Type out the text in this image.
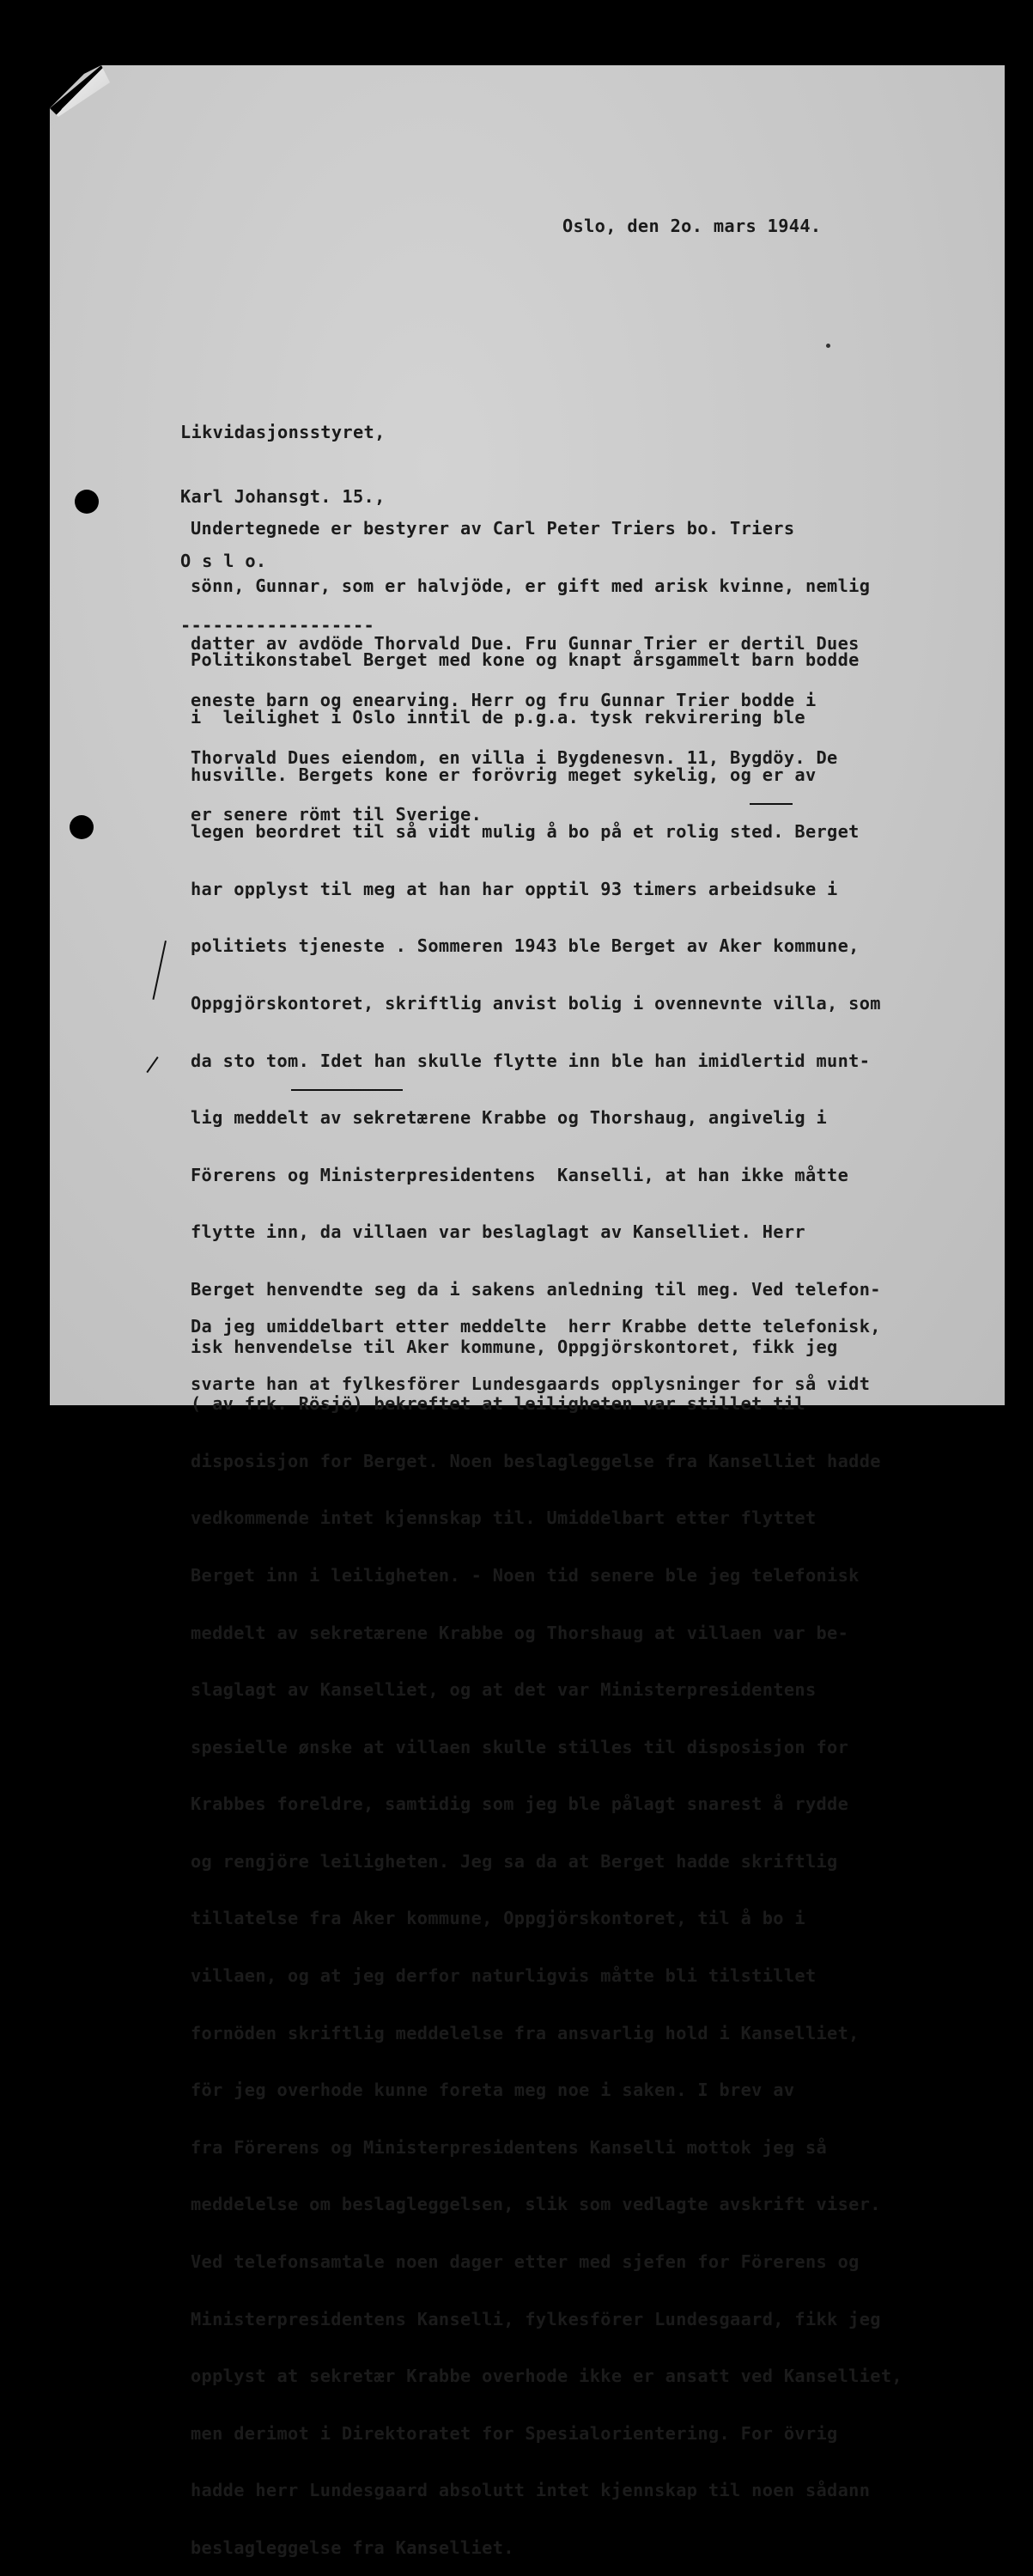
Oslo, den 2o. mars 1944.

Likvidasjonsstyret,

Karl Johansgt. 15.,

O s l o.

------------------

Undertegnede er bestyrer av Carl Peter Triers bo. Triers

sönn, Gunnar, som er halvjöde, er gift med arisk kvinne, nemlig

datter av avdöde Thorvald Due. Fru Gunnar Trier er dertil Dues

eneste barn og enearving. Herr og fru Gunnar Trier bodde i

Thorvald Dues eiendom, en villa i Bygdenesvn. 11, Bygdöy. De

er senere römt til Sverige.

Politikonstabel Berget med kone og knapt årsgammelt barn bodde

i  leilighet i Oslo inntil de p.g.a. tysk rekvirering ble

husville. Bergets kone er forövrig meget sykelig, og er av

legen beordret til så vidt mulig å bo på et rolig sted. Berget

har opplyst til meg at han har opptil 93 timers arbeidsuke i

politiets tjeneste . Sommeren 1943 ble Berget av Aker kommune,

Oppgjörskontoret, skriftlig anvist bolig i ovennevnte villa, som

da sto tom. Idet han skulle flytte inn ble han imidlertid munt-

lig meddelt av sekretærene Krabbe og Thorshaug, angivelig i

Förerens og Ministerpresidentens  Kanselli, at han ikke måtte

flytte inn, da villaen var beslaglagt av Kanselliet. Herr

Berget henvendte seg da i sakens anledning til meg. Ved telefon-

isk henvendelse til Aker kommune, Oppgjörskontoret, fikk jeg

( av frk. Rösjö) bekreftet at leiligheten var stillet til

disposisjon for Berget. Noen beslagleggelse fra Kanselliet hadde

vedkommende intet kjennskap til. Umiddelbart etter flyttet

Berget inn i leiligheten. - Noen tid senere ble jeg telefonisk

meddelt av sekretærene Krabbe og Thorshaug at villaen var be-

slaglagt av Kanselliet, og at det var Ministerpresidentens

spesielle ønske at villaen skulle stilles til disposisjon for

Krabbes foreldre, samtidig som jeg ble pålagt snarest å rydde

og rengjöre leiligheten. Jeg sa da at Berget hadde skriftlig

tillatelse fra Aker kommune, Oppgjörskontoret, til å bo i

villaen, og at jeg derfor naturligvis måtte bli tilstillet

fornöden skriftlig meddelelse fra ansvarlig hold i Kanselliet,

för jeg overhode kunne foreta meg noe i saken. I brev av

fra Förerens og Ministerpresidentens Kanselli mottok jeg så

meddelelse om beslagleggelsen, slik som vedlagte avskrift viser.

Ved telefonsamtale noen dager etter med sjefen for Förerens og

Ministerpresidentens Kanselli, fylkesförer Lundesgaard, fikk jeg

opplyst at sekretær Krabbe overhode ikke er ansatt ved Kanselliet,

men derimot i Direktoratet for Spesialorientering. For övrig

hadde herr Lundesgaard absolutt intet kjennskap til noen sådann

beslagleggelse fra Kanselliet.

Da jeg umiddelbart etter meddelte  herr Krabbe dette telefonisk,

svarte han at fylkesförer Lundesgaards opplysninger for så vidt
